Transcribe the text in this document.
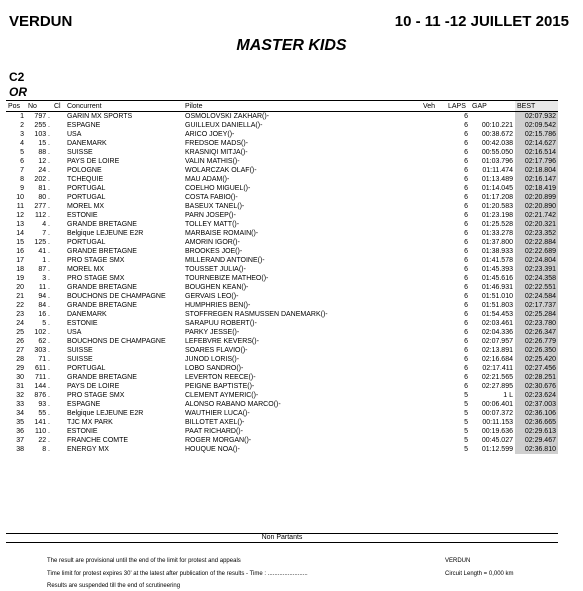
VERDUN	10 - 11 -12 JUILLET 2015
MASTER KIDS
C2
OR
Pos	No	Cl	Concurrent	Pilote	Veh	LAPS	GAP	BEST
1	797 .		GARIN MX SPORTS	OSMOLOVSKI ZAKHAR()-		6		02:07.932
2	255 .		ESPAGNE	GUILLEUX DANIELLA()-		6	00:10.221	02:09.542
3	103 .		USA	ARICO JOEY()-		6	00:38.672	02:15.786
4	15 .		DANEMARK	FREDSOE MADS()-		6	00:42.038	02:14.627
5	88 .		SUISSE	KRASNIQI MITJA()-		6	00:55.050	02:16.514
6	12 .		PAYS DE LOIRE	VALIN MATHIS()-		6	01:03.796	02:17.796
7	24 .		POLOGNE	WOLARCZAK OLAF()-		6	01:11.474	02:18.804
8	202 .		TCHEQUIE	MAU ADAM()-		6	01:13.489	02:16.147
9	81 .		PORTUGAL	COELHO MIGUEL()-		6	01:14.045	02:18.419
10	80 .		PORTUGAL	COSTA FABIO()-		6	01:17.208	02:20.899
11	277 .		MOREL MX	BASEUX TANEL()-		6	01:20.583	02:20.890
12	112 .		ESTONIE	PARN JOSEP()-		6	01:23.198	02:21.742
13	4 .		GRANDE BRETAGNE	TOLLEY MATT()-		6	01:25.528	02:20.321
14	7 .		Belgique LEJEUNE E2R	MARBAISE ROMAIN()-		6	01:33.278	02:23.352
15	125 .		PORTUGAL	AMORIN IGOR()-		6	01:37.800	02:22.884
16	41 .		GRANDE BRETAGNE	BROOKES JOE()-		6	01:38.933	02:22.689
17	1 .		PRO STAGE SMX	MILLERAND ANTOINE()-		6	01:41.578	02:24.804
18	87 .		MOREL MX	TOUSSET JULIA()-		6	01:45.393	02:23.391
19	3 .		PRO STAGE SMX	TOURNEBIZE MATHEO()-		6	01:45.616	02:24.358
20	11 .		GRANDE BRETAGNE	BOUGHEN KEAN()-		6	01:46.931	02:22.551
21	94 .		BOUCHONS DE CHAMPAGNE	GERVAIS LEO()-		6	01:51.010	02:24.584
22	84 .		GRANDE BRETAGNE	HUMPHRIES BEN()-		6	01:51.803	02:17.737
23	16 .		DANEMARK	STOFFREGEN RASMUSSEN DANEMARK()-		6	01:54.453	02:25.284
24	5 .		ESTONIE	SARAPUU ROBERT()-		6	02:03.461	02:23.780
25	102 .		USA	PARKY JESSE()-		6	02:04.336	02:26.347
26	62 .		BOUCHONS DE CHAMPAGNE	LEFEBVRE KEVERS()-		6	02:07.957	02:26.779
27	303 .		SUISSE	SOARES FLAVIO()-		6	02:13.891	02:26.350
28	71 .		SUISSE	JUNOD LORIS()-		6	02:16.684	02:25.420
29	611 .		PORTUGAL	LOBO SANDRO()-		6	02:17.411	02:27.456
30	711 .		GRANDE BRETAGNE	LEVERTON REECE()-		6	02:21.565	02:28.251
31	144 .		PAYS DE LOIRE	PEIGNE BAPTISTE()-		6	02:27.895	02:30.676
32	876 .		PRO STAGE SMX	CLEMENT AYMERIC()-		5	1 L	02:23.624
33	93 .		ESPAGNE	ALONSO RABANO MARCO()-		5	00:06.401	02:37.003
34	55 .		Belgique LEJEUNE E2R	WAUTHIER LUCA()-		5	00:07.372	02:36.106
35	141 .		TJC MX PARK	BILLOTET AXEL()-		5	00:11.153	02:36.665
36	110 .		ESTONIE	PAAT RICHARD()-		5	00:19.636	02:29.613
37	22 .		FRANCHE COMTE	ROGER MORGAN()-		5	00:45.027	02:29.467
38	8 .		ENERGY MX	HOUQUE NOA()-		5	01:12.599	02:36.810
Non Partants
The result are provisional until the end of the limit for protest and appeals
Time limit for protest expires 30' at the latest after publication of the results - Time : ........................
Results are suspended till the end of scrutineering
VERDUN
Circuit Length = 0,000 km
